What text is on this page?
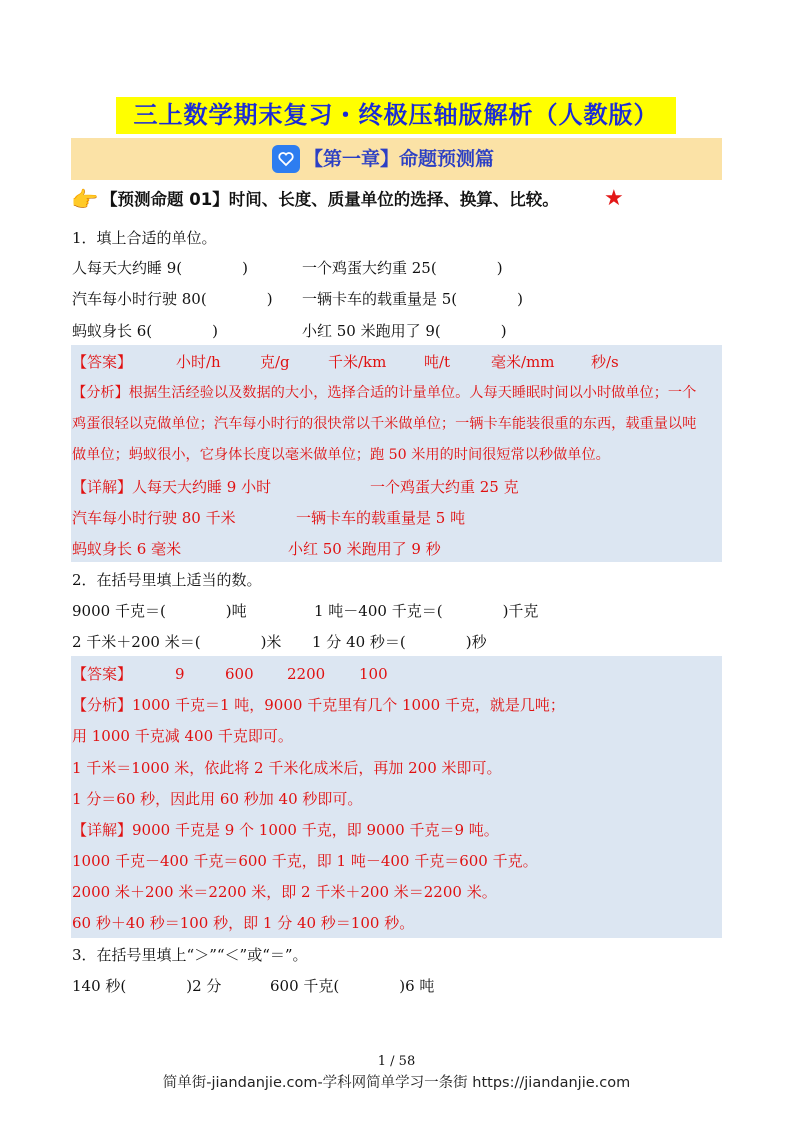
三上数学期末复习・终极压轴版解析（人教版）
【第一章】命题预测篇
👉 【预测命题 01】时间、长度、质量单位的选择、换算、比较。 ★
1．填上合适的单位。
人每天大约睡 9(　　　　)	一个鸡蛋大约重 25(　　　　)
汽车每小时行驶 80(　　　　) 一辆卡车的载重量是 5(　　　　)
蚂蚁身长 6(　　　　)	小红 50 米跑用了 9(　　　　)
【答案】	小时/h	克/g	千米/km	吨/t	毫米/mm 秒/s
【分析】根据生活经验以及数据的大小，选择合适的计量单位。人每天睡眠时间以小时做单位；一个
鸡蛋很轻以克做单位；汽车每小时行的很快常以千米做单位；一辆卡车能装很重的东西，载重量以吨
做单位；蚂蚁很小，它身体长度以毫米做单位；跑 50 米用的时间很短常以秒做单位。
【详解】人每天大约睡 9 小时	一个鸡蛋大约重 25 克
汽车每小时行驶 80 千米	一辆卡车的载重量是 5 吨
蚂蚁身长 6 毫米	小红 50 米跑用了 9 秒
2．在括号里填上适当的数。
9000 千克＝(　　　　)吨	1 吨－400 千克＝(　　　　)千克
2 千米＋200 米＝(　　　　)米 1 分 40 秒＝(　　　　)秒
【答案】	9	600 2200 100
【分析】1000 千克＝1 吨，9000 千克里有几个 1000 千克，就是几吨；
用 1000 千克减 400 千克即可。
1 千米＝1000 米，依此将 2 千米化成米后，再加 200 米即可。
1 分＝60 秒，因此用 60 秒加 40 秒即可。
【详解】9000 千克是 9 个 1000 千克，即 9000 千克＝9 吨。
1000 千克－400 千克＝600 千克，即 1 吨－400 千克＝600 千克。
2000 米＋200 米＝2200 米，即 2 千米＋200 米＝2200 米。
60 秒＋40 秒＝100 秒，即 1 分 40 秒＝100 秒。
3．在括号里填上“＞”“＜”或“＝”。
140 秒(　　　　)2 分	600 千克(　　　　)6 吨
1 / 58
简单街-jiandanjie.com-学科网简单学习一条街 https://jiandanjie.com
